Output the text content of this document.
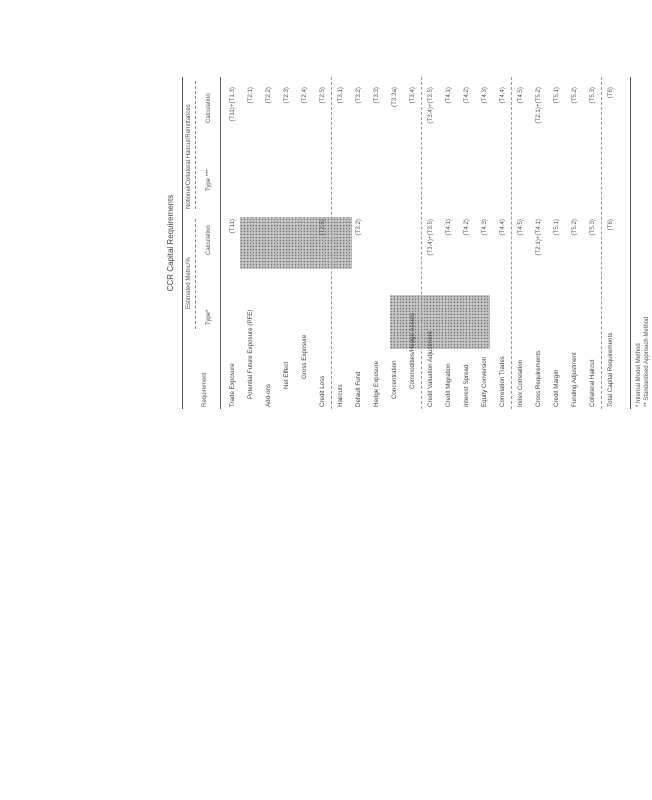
CCR Capital Requirements
Requirement
Estimated Metric/%
Notional/Collateral Haircut/Remittances
Type*
Calculation
Type ***
Calculation
Trade Exposure
(T11)
(T11)+(T1.3)
Potential Future Exposure (PFE)
(T2.1)
Add-ons
(T2.2)
Net Effect
(T2.3)
Gross Exposure
(T2.4)
Credit Loss
(T2.5)
(T2.5)
Haircuts
(T3.1)
Default Fund
(T3.2)
(T3.2)
Hedge Exposure
(T3.3)
Concentration
(T3.3a)
Commodities/Hedge Assets
(T3.4)
Credit Valuation Adjustment
(T3.4)+(T3.5)
(T3.4)+(T3.5)
Credit Migration
(T4.1)
(T4.1)
Interest Spread
(T4.2)
(T4.2)
Equity Conversion
(T4.3)
(T4.3)
Correlation Trades
(T4.4)
(T4.4)
Index Correlation
(T4.5)
(T4.5)
Cross Requirements
(T2.1)+(T4.1)
(T2.1)+(T5.2)
Credit Margin
(T5.1)
(T5.1)
Funding Adjustment
(T5.2)
(T5.2)
Collateral Haircut
(T5.3)
(T5.3)
Total Capital Requirements
(T6)
(T6)
* Internal Model Method ** Standardised Approach Method
